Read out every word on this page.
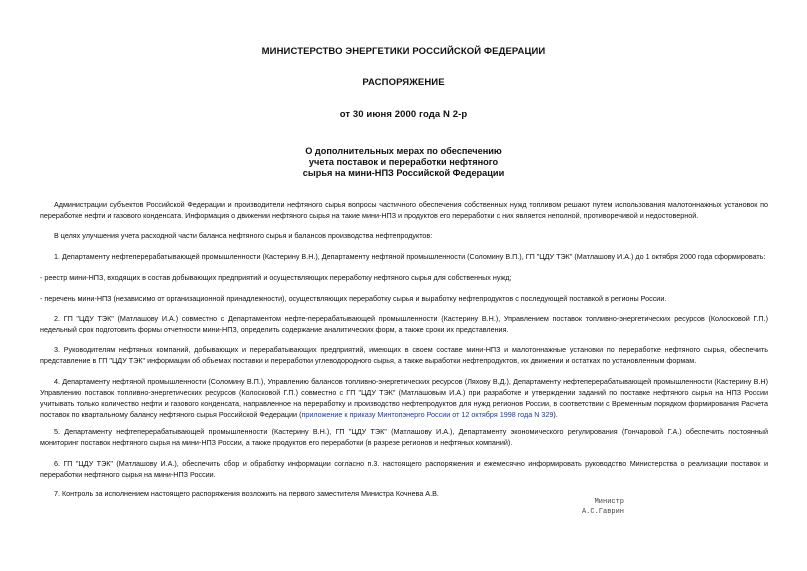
МИНИСТЕРСТВО ЭНЕРГЕТИКИ РОССИЙСКОЙ ФЕДЕРАЦИИ
РАСПОРЯЖЕНИЕ
от 30 июня 2000 года N 2-р
О дополнительных мерах по обеспечению
учета поставок и переработки нефтяного
сырья на мини-НПЗ Российской Федерации
Администрации субъектов Российской Федерации и производители нефтяного сырья вопросы частичного обеспечения собственных нужд топливом решают путем использования малотоннажных установок по переработке нефти и газового конденсата. Информация о движении нефтяного сырья на такие мини-НПЗ и продуктов его переработки с них является неполной, противоречивой и недостоверной.
В целях улучшения учета расходной части баланса нефтяного сырья и балансов производства нефтепродуктов:
1. Департаменту нефтеперерабатывающей промышленности (Кастерину В.Н.), Департаменту нефтяной промышленности (Соломину В.П.), ГП "ЦДУ ТЭК" (Матлашову И.А.) до 1 октября 2000 года сформировать:
- реестр мини-НПЗ, входящих в состав добывающих предприятий и осуществляющих переработку нефтяного сырья для собственных нужд;
- перечень мини-НПЗ (независимо от организационной принадлежности), осуществляющих переработку сырья и выработку нефтепродуктов с последующей поставкой в регионы России.
2. ГП "ЦДУ ТЭК" (Матлашову И.А.) совместно с Департаментом нефте-перерабатывающей промышленности (Кастерину В.Н.), Управлением поставок топливно-энергетических ресурсов (Колосковой Г.П.) недельный срок подготовить формы отчетности мини-НПЗ, определить содержание аналитических форм, а также сроки их представления.
3. Руководителям нефтяных компаний, добывающих и перерабатывающих предприятий, имеющих в своем составе мини-НПЗ и малотоннажные установки по переработке нефтяного сырья, обеспечить представление в ГП "ЦДУ ТЭК" информации об объемах поставки и переработки углеводородного сырья, а также выработки нефтепродуктов, их движении и остатках по установленным формам.
4. Департаменту нефтяной промышленности (Соломину В.П.), Управлению балансов топливно-энергетических ресурсов (Ляхову В.Д.), Департаменту нефтеперерабатывающей промышленности (Кастерину В.Н) Управлению поставок топливно-энергетических ресурсов (Колосковой Г.П.) совместно с ГП "ЦДУ ТЭК" (Матлашовым И.А.) при разработке и утверждении заданий по поставке нефтяного сырья на НПЗ России учитывать только количество нефти и газового конденсата, направленное на переработку и производство нефтепродуктов для нужд регионов России, в соответствии с Временным порядком формирования Расчета поставок по квартальному балансу нефтяного сырья Российской Федерации (приложение к приказу Минтопэнерго России от 12 октября 1998 года N 329).
5. Департаменту нефтеперерабатывающей промышленности (Кастерину В.Н.), ГП "ЦДУ ТЭК" (Матлашову И.А.), Департаменту экономического регулирования (Гончаровой Г.А.) обеспечить постоянный мониторинг поставок нефтяного сырья на мини-НПЗ России, а также продуктов его переработки (в разрезе регионов и нефтяных компаний).
6. ГП "ЦДУ ТЭК" (Матлашову И.А.), обеспечить сбор и обработку информации согласно п.3. настоящего распоряжения и ежемесячно информировать руководство Министерства о реализации поставок и переработки нефтяного сырья на мини-НПЗ России.
7. Контроль за исполнением настоящего распоряжения возложить на первого заместителя Министра Кочнева А.В.
Министр
А.С.Гаврин
